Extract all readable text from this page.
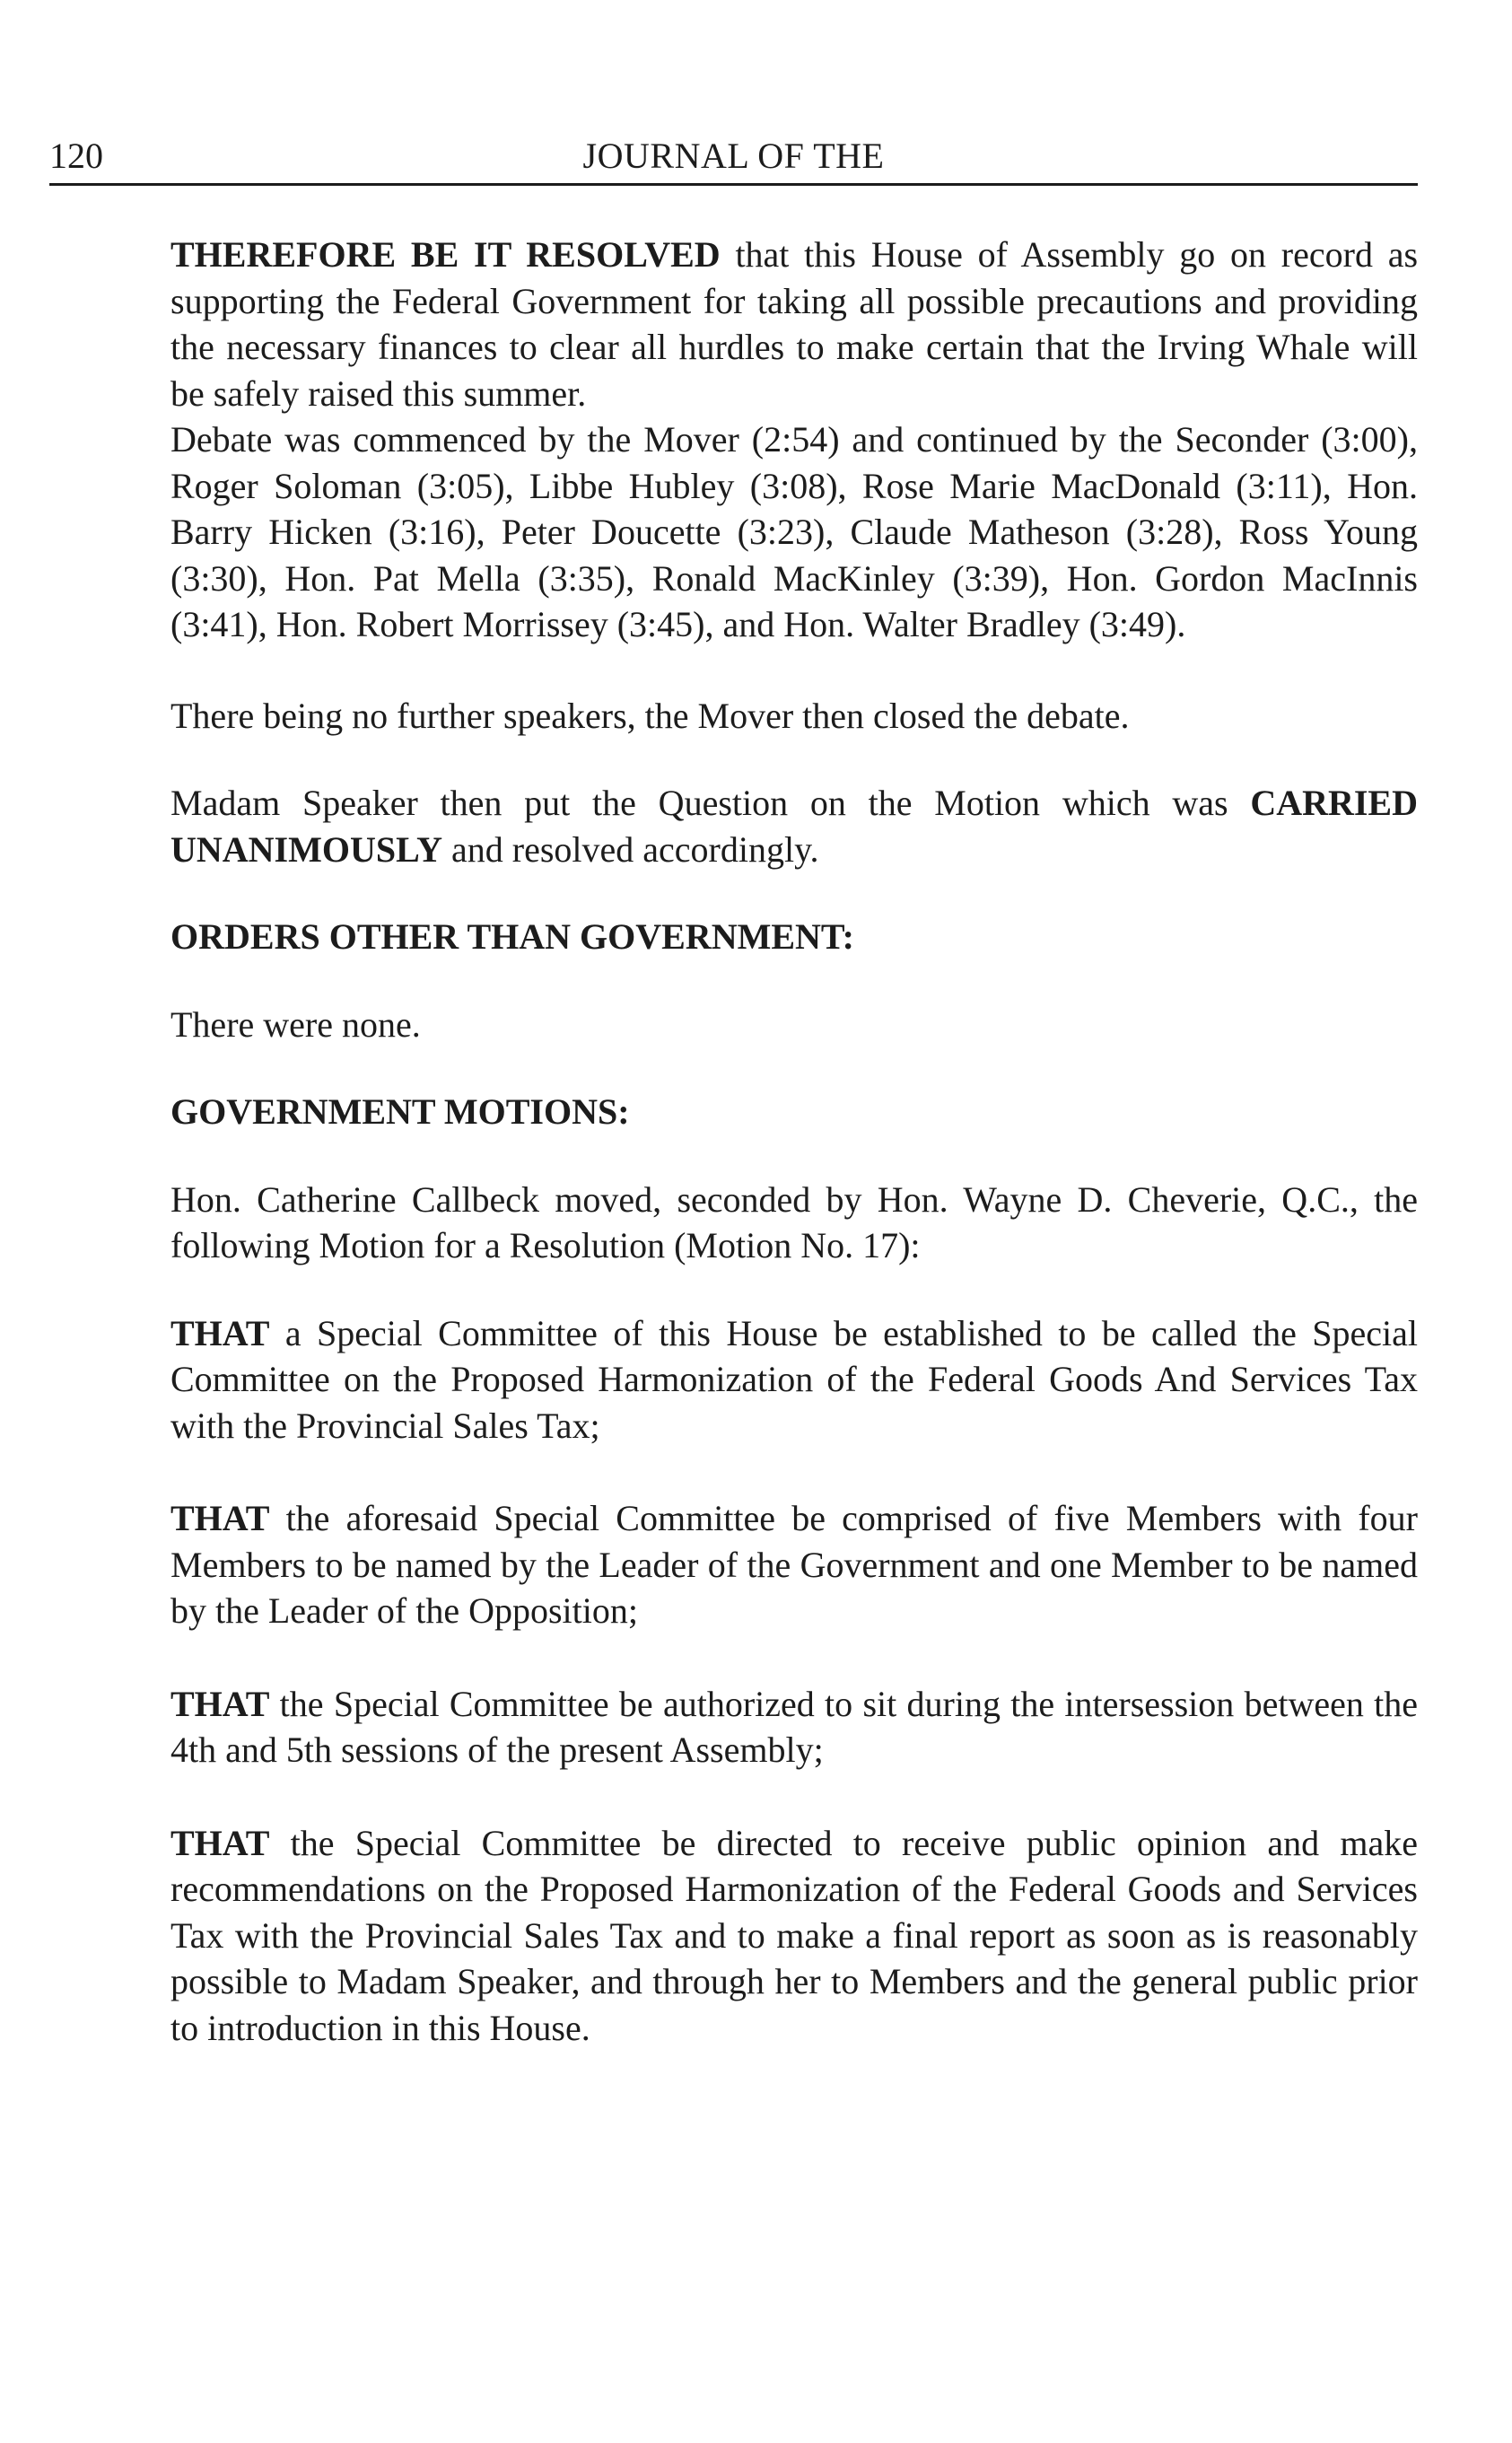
120	JOURNAL OF THE

THEREFORE BE IT RESOLVED that this House of Assembly go on record as supporting the Federal Government for taking all possible precautions and providing the necessary finances to clear all hurdles to make certain that the Irving Whale will be safely raised this summer.

Debate was commenced by the Mover (2:54) and continued by the Seconder (3:00), Roger Soloman (3:05), Libbe Hubley (3:08), Rose Marie MacDonald (3:11), Hon. Barry Hicken (3:16), Peter Doucette (3:23), Claude Matheson (3:28), Ross Young (3:30), Hon. Pat Mella (3:35), Ronald MacKinley (3:39), Hon. Gordon MacInnis (3:41), Hon. Robert Morrissey (3:45), and Hon. Walter Bradley (3:49).

There being no further speakers, the Mover then closed the debate.

Madam Speaker then put the Question on the Motion which was CARRIED UNANIMOUSLY and resolved accordingly.

ORDERS OTHER THAN GOVERNMENT:

There were none.

GOVERNMENT MOTIONS:

Hon. Catherine Callbeck moved, seconded by Hon. Wayne D. Cheverie, Q.C., the following Motion for a Resolution (Motion No. 17):

THAT a Special Committee of this House be established to be called the Special Committee on the Proposed Harmonization of the Federal Goods And Services Tax with the Provincial Sales Tax;

THAT the aforesaid Special Committee be comprised of five Members with four Members to be named by the Leader of the Government and one Member to be named by the Leader of the Opposition;

THAT the Special Committee be authorized to sit during the intersession between the 4th and 5th sessions of the present Assembly;

THAT the Special Committee be directed to receive public opinion and make recommendations on the Proposed Harmonization of the Federal Goods and Services Tax with the Provincial Sales Tax and to make a final report as soon as is reasonably possible to Madam Speaker, and through her to Members and the general public prior to introduction in this House.
